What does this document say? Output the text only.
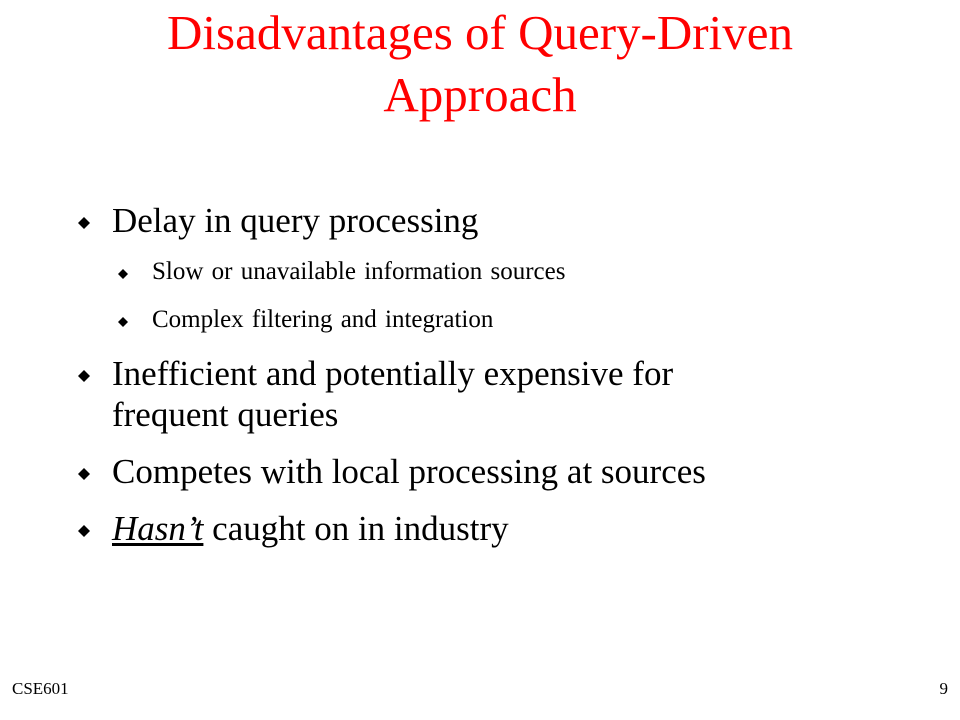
Disadvantages of Query-Driven
Approach
Delay in query processing
Slow or unavailable information sources
Complex filtering and integration
Inefficient and potentially expensive for
frequent queries
Competes with local processing at sources
Hasn’t caught on in industry
CSE601	9
